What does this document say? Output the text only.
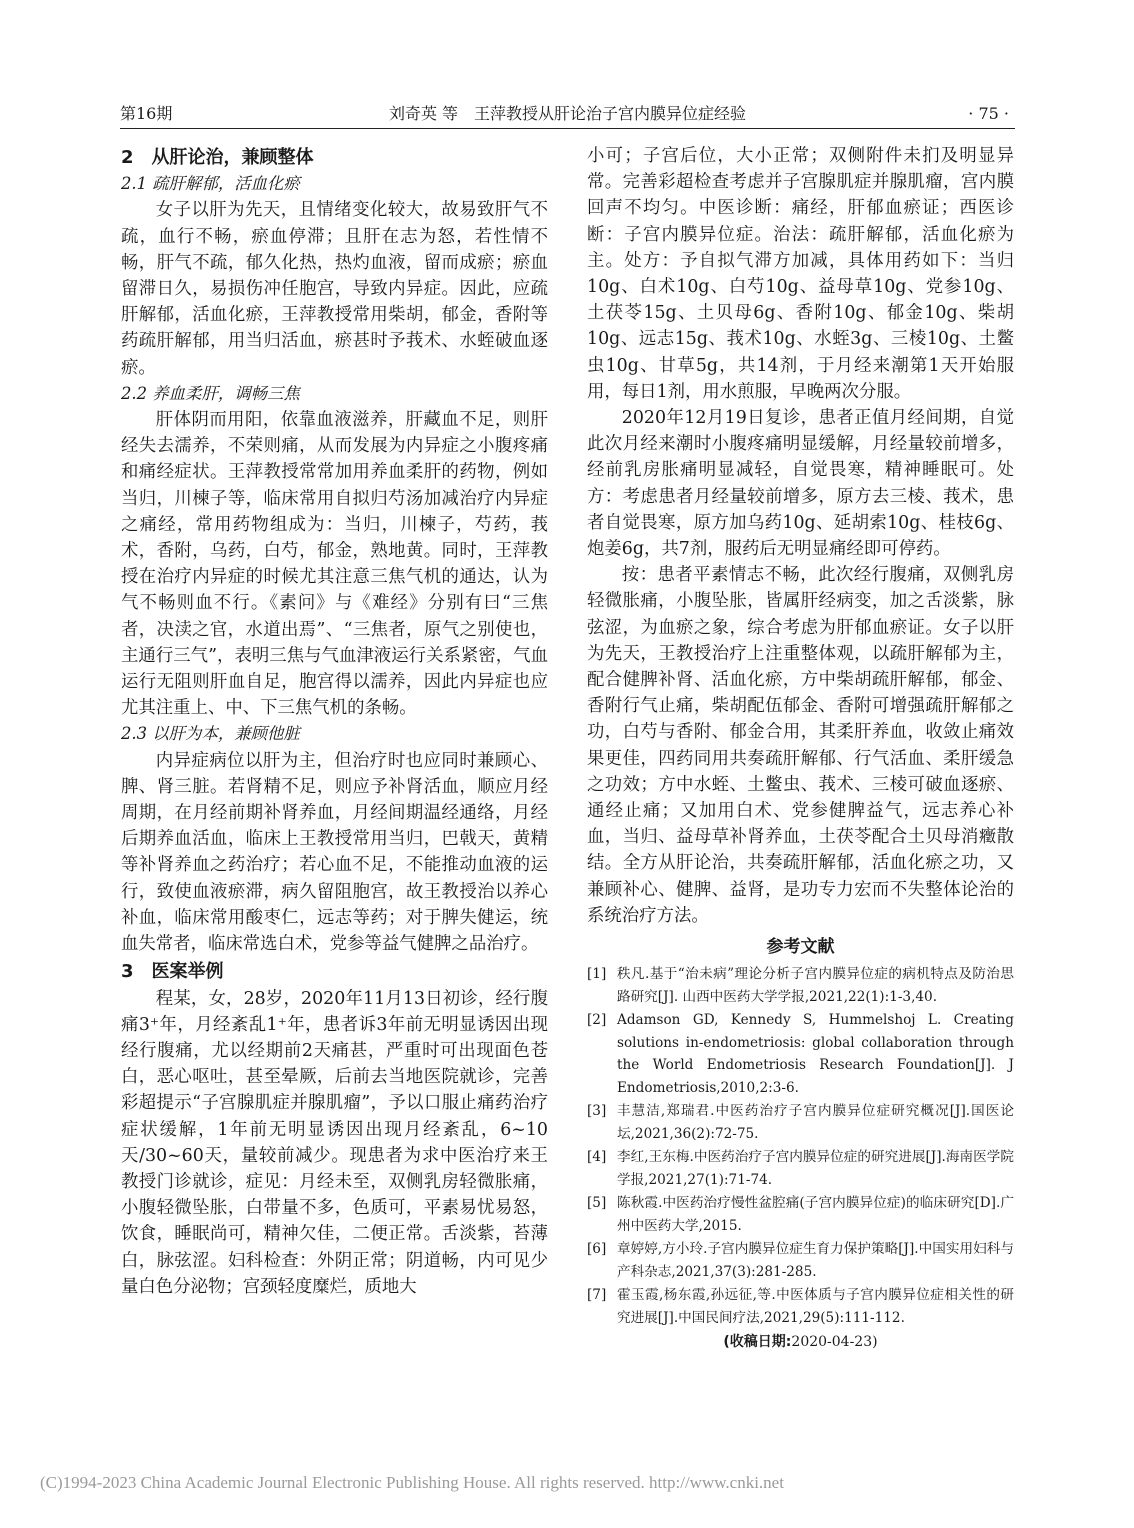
第16期	刘奇英 等　王萍教授从肝论治子宫内膜异位症经验	· 75 ·
2　从肝论治，兼顾整体
2.1 疏肝解郁，活血化瘀

女子以肝为先天，且情绪变化较大，故易致肝气不疏，血行不畅，瘀血停滞；且肝在志为怒，若性情不畅，肝气不疏，郁久化热，热灼血液，留而成瘀；瘀血留滞日久，易损伤冲任胞宫，导致内异症。因此，应疏肝解郁，活血化瘀，王萍教授常用柴胡，郁金，香附等药疏肝解郁，用当归活血，瘀甚时予莪术、水蛭破血逐瘀。

2.2 养血柔肝，调畅三焦

肝体阴而用阳，依靠血液滋养，肝藏血不足，则肝经失去濡养，不荣则痛，从而发展为内异症之小腹疼痛和痛经症状。王萍教授常常加用养血柔肝的药物，例如当归，川楝子等，临床常用自拟归芍汤加减治疗内异症之痛经，常用药物组成为：当归，川楝子，芍药，莪术，香附，乌药，白芍，郁金，熟地黄。同时，王萍教授在治疗内异症的时候尤其注意三焦气机的通达，认为气不畅则血不行。《素问》与《难经》分别有曰“三焦者，决渎之官，水道出焉”、“三焦者，原气之别使也，主通行三气”，表明三焦与气血津液运行关系紧密，气血运行无阻则肝血自足，胞宫得以濡养，因此内异症也应尤其注重上、中、下三焦气机的条畅。

2.3 以肝为本，兼顾他脏

内异症病位以肝为主，但治疗时也应同时兼顾心、脾、肾三脏。若肾精不足，则应予补肾活血，顺应月经周期，在月经前期补肾养血，月经间期温经通络，月经后期养血活血，临床上王教授常用当归，巴戟天，黄精等补肾养血之药治疗；若心血不足，不能推动血液的运行，致使血液瘀滞，病久留阻胞宫，故王教授治以养心补血，临床常用酸枣仁，远志等药；对于脾失健运，统血失常者，临床常选白术，党参等益气健脾之品治疗。

3　医案举例

程某，女，28岁，2020年11月13日初诊，经行腹痛3⁺年，月经紊乱1⁺年，患者诉3年前无明显诱因出现经行腹痛，尤以经期前2天痛甚，严重时可出现面色苍白，恶心呕吐，甚至晕厥，后前去当地医院就诊，完善彩超提示“子宫腺肌症并腺肌瘤”，予以口服止痛药治疗症状缓解，1年前无明显诱因出现月经紊乱，6~10天/30~60天，量较前减少。现患者为求中医治疗来王教授门诊就诊，症见：月经未至，双侧乳房轻微胀痛，小腹轻微坠胀，白带量不多，色质可，平素易忧易怒，饮食，睡眠尚可，精神欠佳，二便正常。舌淡紫，苔薄白，脉弦涩。妇科检查：外阴正常；阴道畅，内可见少量白色分泌物；宫颈轻度糜烂，质地大

小可；子宫后位，大小正常；双侧附件未扪及明显异常。完善彩超检查考虑并子宫腺肌症并腺肌瘤，宫内膜回声不均匀。中医诊断：痛经，肝郁血瘀证；西医诊断：子宫内膜异位症。治法：疏肝解郁，活血化瘀为主。处方：予自拟气滞方加减，具体用药如下：当归10g、白术10g、白芍10g、益母草10g、党参10g、土茯苓15g、土贝母6g、香附10g、郁金10g、柴胡10g、远志15g、莪术10g、水蛭3g、三棱10g、土鳖虫10g、甘草5g，共14剂，于月经来潮第1天开始服用，每日1剂，用水煎服，早晚两次分服。

2020年12月19日复诊，患者正值月经间期，自觉此次月经来潮时小腹疼痛明显缓解，月经量较前增多，经前乳房胀痛明显减轻，自觉畏寒，精神睡眠可。处方：考虑患者月经量较前增多，原方去三棱、莪术，患者自觉畏寒，原方加乌药10g、延胡索10g、桂枝6g、炮姜6g，共7剂，服药后无明显痛经即可停药。

按：患者平素情志不畅，此次经行腹痛，双侧乳房轻微胀痛，小腹坠胀，皆属肝经病变，加之舌淡紫，脉弦涩，为血瘀之象，综合考虑为肝郁血瘀证。女子以肝为先天，王教授治疗上注重整体观，以疏肝解郁为主，配合健脾补肾、活血化瘀，方中柴胡疏肝解郁，郁金、香附行气止痛，柴胡配伍郁金、香附可增强疏肝解郁之功，白芍与香附、郁金合用，其柔肝养血，收敛止痛效果更佳，四药同用共奏疏肝解郁、行气活血、柔肝缓急之功效；方中水蛭、土鳖虫、莪术、三棱可破血逐瘀、通经止痛；又加用白术、党参健脾益气，远志养心补血，当归、益母草补肾养血，土茯苓配合土贝母消癥散结。全方从肝论治，共奏疏肝解郁，活血化瘀之功，又兼顾补心、健脾、益肾，是功专力宏而不失整体论治的系统治疗方法。

参考文献
[1] 秩凡.基于“治未病”理论分析子宫内膜异位症的病机特点及防治思路研究[J]. 山西中医药大学学报,2021,22(1):1-3,40.
[2] Adamson GD, Kennedy S, Hummelshoj L. Creating solutions in-endometriosis: global collaboration through the World Endometriosis Research Foundation[J]. J Endometriosis,2010,2:3-6.
[3] 丰慧洁,郑瑞君.中医药治疗子宫内膜异位症研究概况[J].国医论坛,2021,36(2):72-75.
[4] 李红,王东梅.中医药治疗子宫内膜异位症的研究进展[J].海南医学院学报,2021,27(1):71-74.
[5] 陈秋霞.中医药治疗慢性盆腔痛(子宫内膜异位症)的临床研究[D].广州中医药大学,2015.
[6] 章婷婷,方小玲.子宫内膜异位症生育力保护策略[J].中国实用妇科与产科杂志,2021,37(3):281-285.
[7] 霍玉霞,杨东霞,孙远征,等.中医体质与子宫内膜异位症相关性的研究进展[J].中国民间疗法,2021,29(5):111-112.
(收稿日期:2020-04-23)
(C)1994-2023 China Academic Journal Electronic Publishing House. All rights reserved. http://www.cnki.net
